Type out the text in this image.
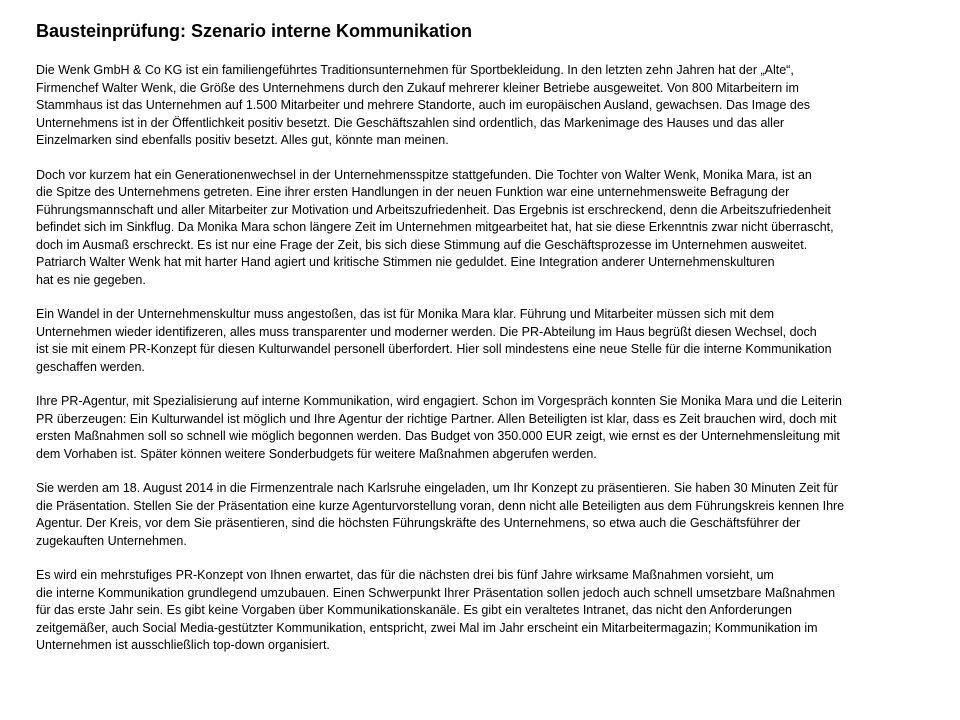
Bausteinprüfung: Szenario interne Kommunikation
Die Wenk GmbH & Co KG ist ein familiengeführtes Traditionsunternehmen für Sportbekleidung. In den letzten zehn Jahren hat der „Alte“,
Firmenchef Walter Wenk, die Größe des Unternehmens durch den Zukauf mehrerer kleiner Betriebe ausgeweitet. Von 800 Mitarbeitern im
Stammhaus ist das Unternehmen auf 1.500 Mitarbeiter und mehrere Standorte, auch im europäischen Ausland, gewachsen. Das Image des
Unternehmens ist in der Öffentlichkeit positiv besetzt. Die Geschäftszahlen sind ordentlich, das Markenimage des Hauses und das aller
Einzelmarken sind ebenfalls positiv besetzt. Alles gut, könnte man meinen.
Doch vor kurzem hat ein Generationenwechsel in der Unternehmensspitze stattgefunden. Die Tochter von Walter Wenk, Monika Mara, ist an
die Spitze des Unternehmens getreten. Eine ihrer ersten Handlungen in der neuen Funktion war eine unternehmensweite Befragung der
Führungsmannschaft und aller Mitarbeiter zur Motivation und Arbeitszufriedenheit. Das Ergebnis ist erschreckend, denn die Arbeitszufriedenheit
befindet sich im Sinkflug. Da Monika Mara schon längere Zeit im Unternehmen mitgearbeitet hat, hat sie diese Erkenntnis zwar nicht überrascht,
doch im Ausmaß erschreckt. Es ist nur eine Frage der Zeit, bis sich diese Stimmung auf die Geschäftsprozesse im Unternehmen ausweitet.
Patriarch Walter Wenk hat mit harter Hand agiert und kritische Stimmen nie geduldet. Eine Integration anderer Unternehmenskulturen
hat es nie gegeben.
Ein Wandel in der Unternehmenskultur muss angestoßen, das ist für Monika Mara klar. Führung und Mitarbeiter müssen sich mit dem
Unternehmen wieder identifizeren, alles muss transparenter und moderner werden. Die PR-Abteilung im Haus begrüßt diesen Wechsel, doch
ist sie mit einem PR-Konzept für diesen Kulturwandel personell überfordert. Hier soll mindestens eine neue Stelle für die interne Kommunikation
geschaffen werden.
Ihre PR-Agentur, mit Spezialisierung auf interne Kommunikation, wird engagiert. Schon im Vorgespräch konnten Sie Monika Mara und die Leiterin
PR überzeugen: Ein Kulturwandel ist möglich und Ihre Agentur der richtige Partner. Allen Beteiligten ist klar, dass es Zeit brauchen wird, doch mit
ersten Maßnahmen soll so schnell wie möglich begonnen werden. Das Budget von 350.000 EUR zeigt, wie ernst es der Unternehmensleitung mit
dem Vorhaben ist. Später können weitere Sonderbudgets für weitere Maßnahmen abgerufen werden.
Sie werden am 18. August 2014 in die Firmenzentrale nach Karlsruhe eingeladen, um Ihr Konzept zu präsentieren. Sie haben 30 Minuten Zeit für
die Präsentation. Stellen Sie der Präsentation eine kurze Agenturvorstellung voran, denn nicht alle Beteiligten aus dem Führungskreis kennen Ihre
Agentur. Der Kreis, vor dem Sie präsentieren, sind die höchsten Führungskräfte des Unternehmens, so etwa auch die Geschäftsführer der
zugekauften Unternehmen.
Es wird ein mehrstufiges PR-Konzept von Ihnen erwartet, das für die nächsten drei bis fünf Jahre wirksame Maßnahmen vorsieht, um
die interne Kommunikation grundlegend umzubauen. Einen Schwerpunkt Ihrer Präsentation sollen jedoch auch schnell umsetzbare Maßnahmen
für das erste Jahr sein. Es gibt keine Vorgaben über Kommunikationskanäle. Es gibt ein veraltetes Intranet, das nicht den Anforderungen
zeitgemäßer, auch Social Media-gestützter Kommunikation, entspricht, zwei Mal im Jahr erscheint ein Mitarbeitermagazin; Kommunikation im
Unternehmen ist ausschließlich top-down organisiert.
